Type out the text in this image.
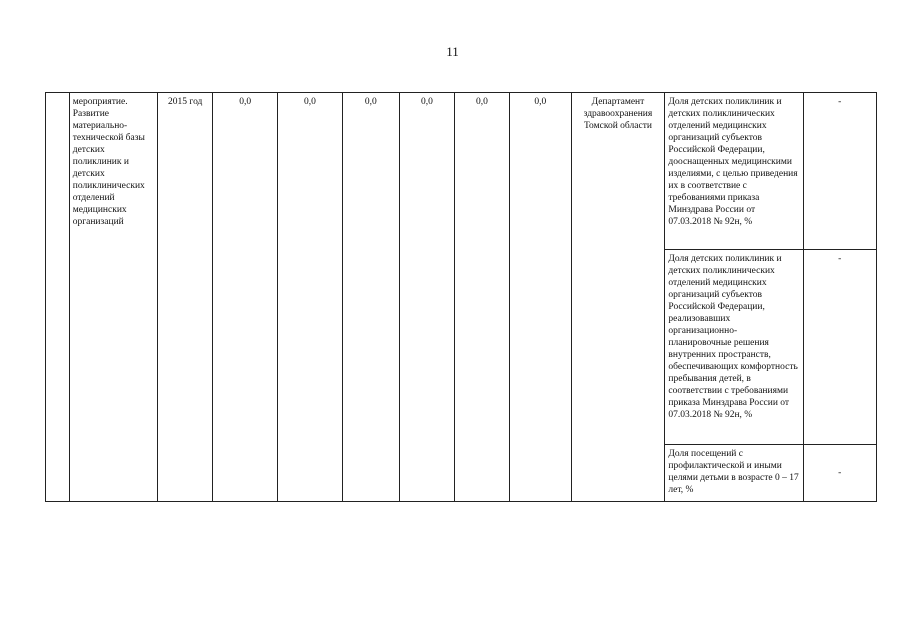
11
	мероприятие. Развитие материально-технической базы детских поликлиник и детских поликлинических отделений медицинских организаций	2015 год	0,0	0,0	0,0	0,0	0,0	0,0	Департамент здравоохранения Томской области	Доля детских поликлиник и детских поликлинических отделений медицинских организаций субъектов Российской Федерации, дооснащенных медицинскими изделиями, с целью приведения их в соответствие с требованиями приказа Минздрава России от 07.03.2018 № 92н, %	-
										Доля детских поликлиник и детских поликлинических отделений медицинских организаций субъектов Российской Федерации, реализовавших организационно-планировочные решения внутренних пространств, обеспечивающих комфортность пребывания детей, в соответствии с требованиями приказа Минздрава России от 07.03.2018 № 92н, %	-
										Доля посещений с профилактической и иными целями детьми в возрасте 0 – 17 лет, %	-
